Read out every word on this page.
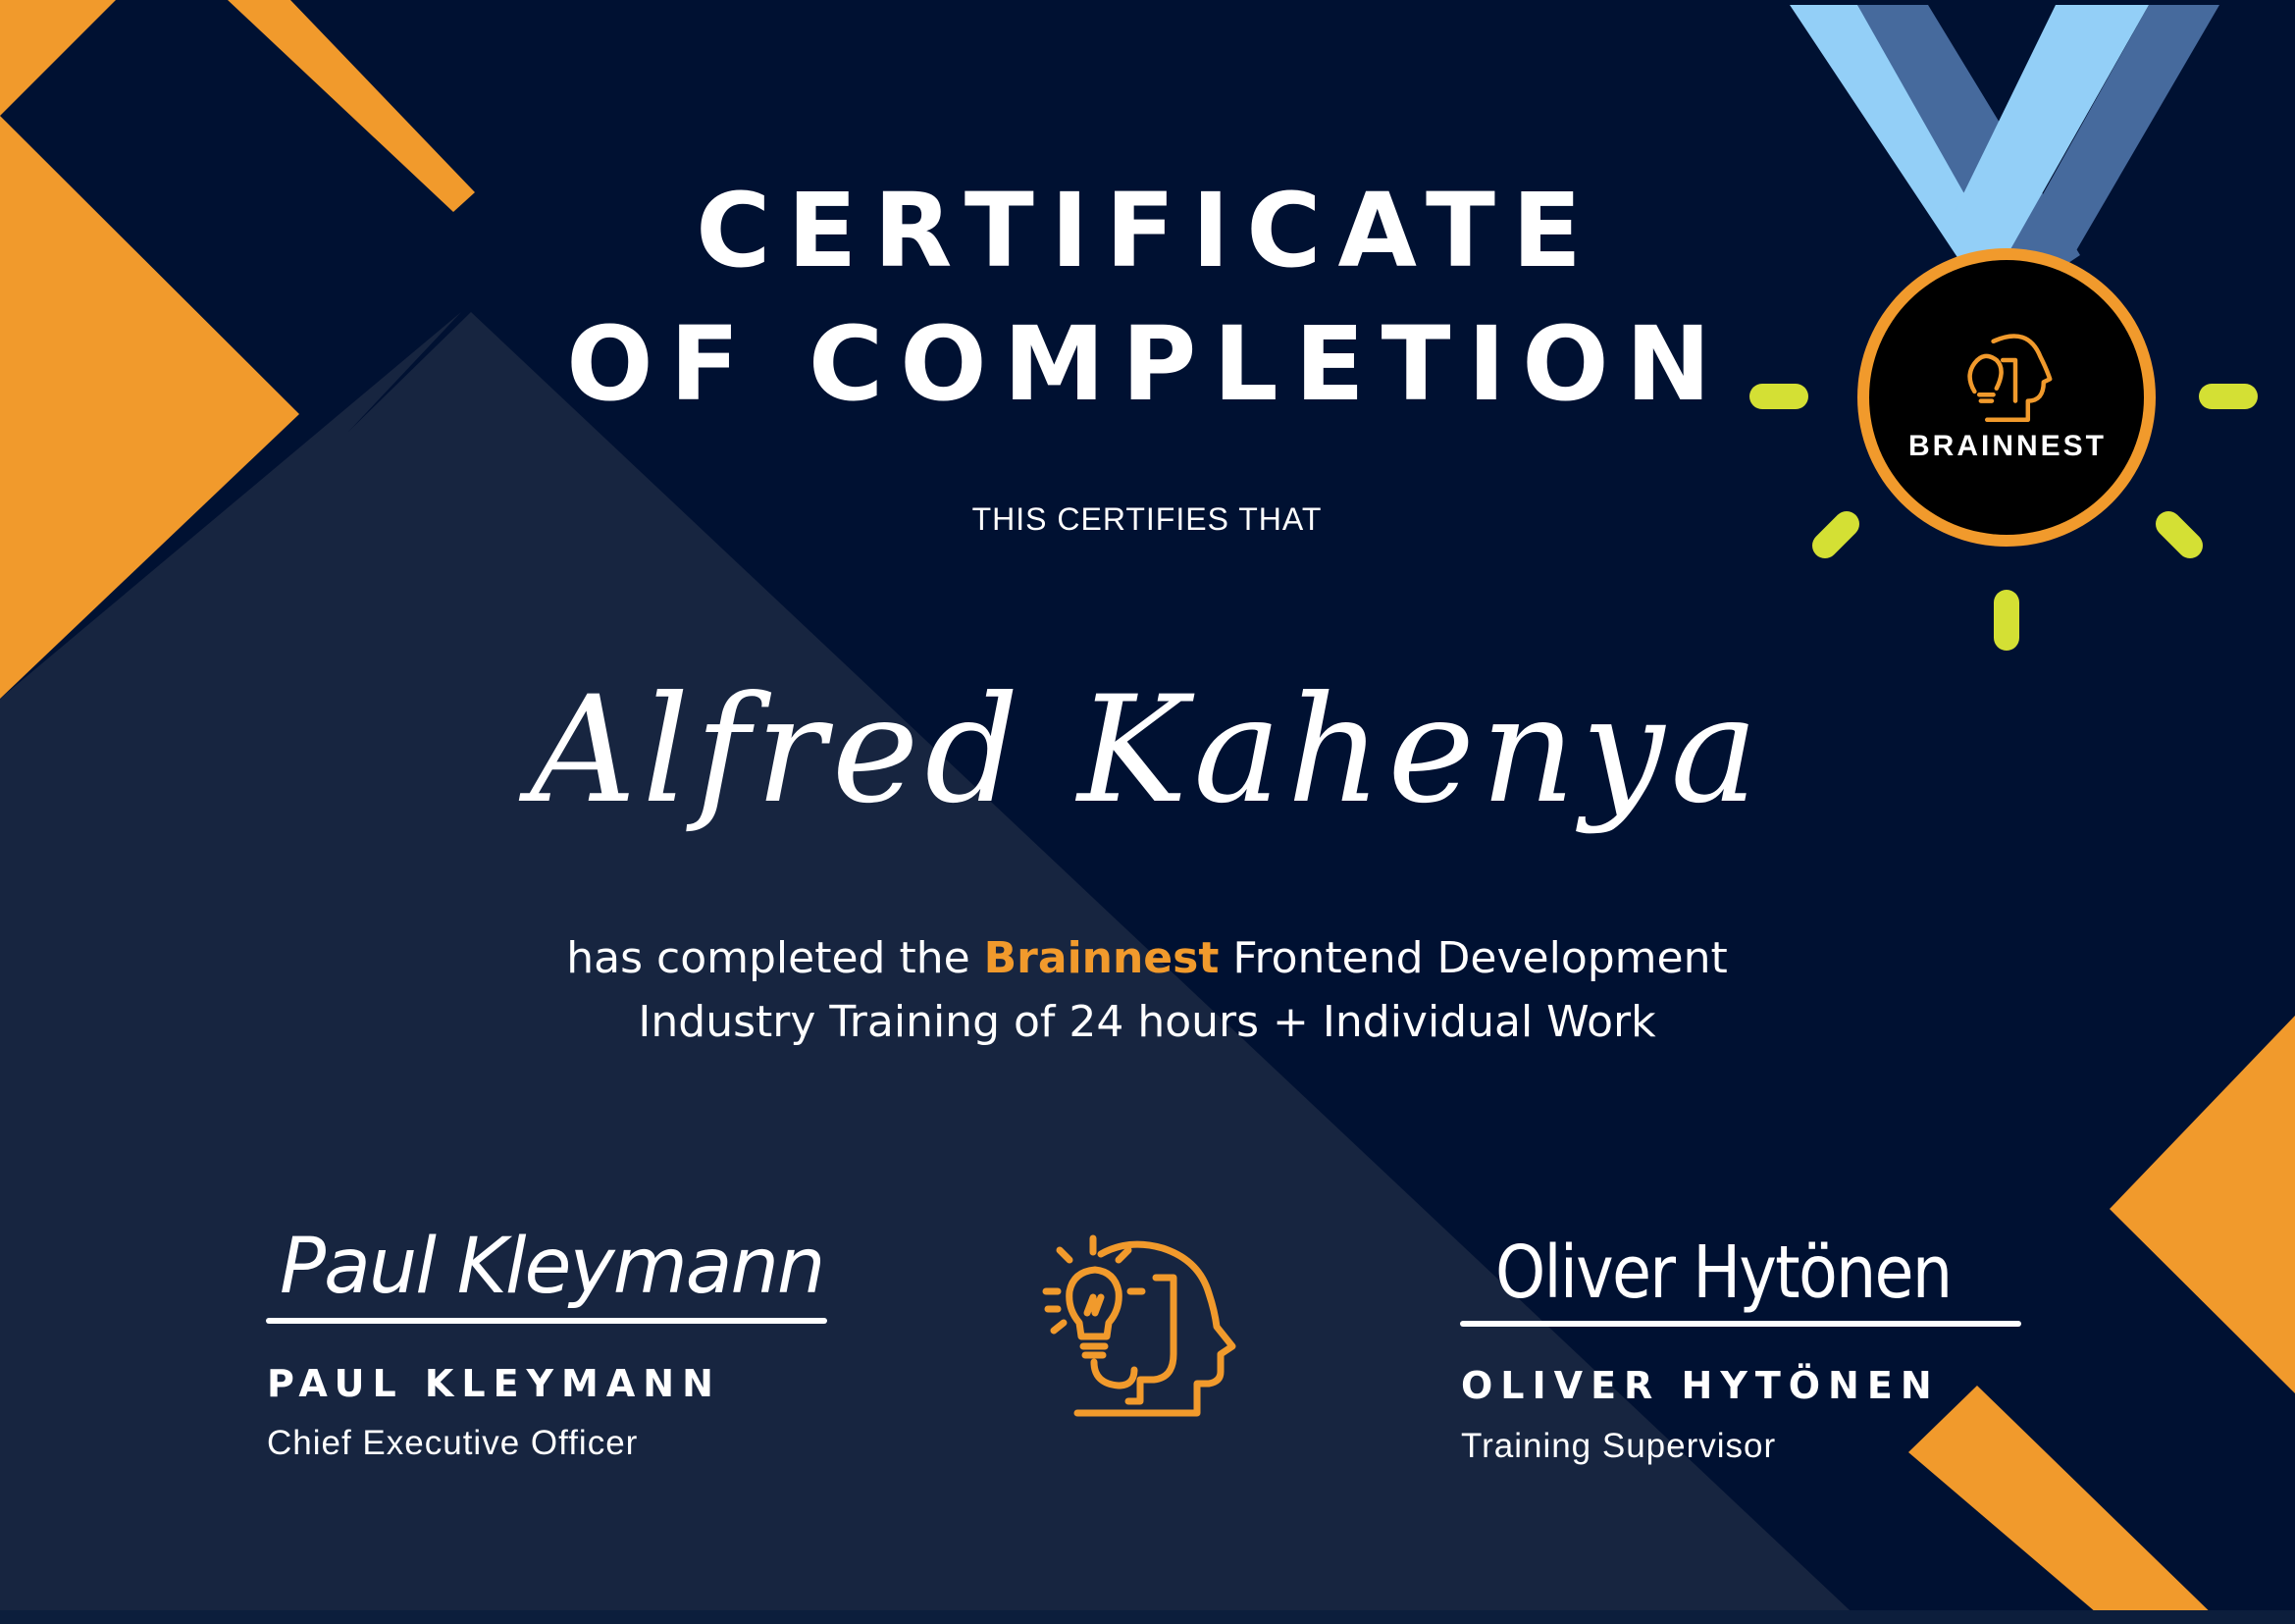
CERTIFICATE
OF COMPLETION
THIS CERTIFIES THAT
Alfred Kahenya
has completed the Brainnest Frontend Development
Industry Training of 24 hours + Individual Work
BRAINNEST
Paul Kleymann
PAUL KLEYMANN
Chief Executive Officer
Oliver Hytönen
OLIVER HYTÖNEN
Training Supervisor
